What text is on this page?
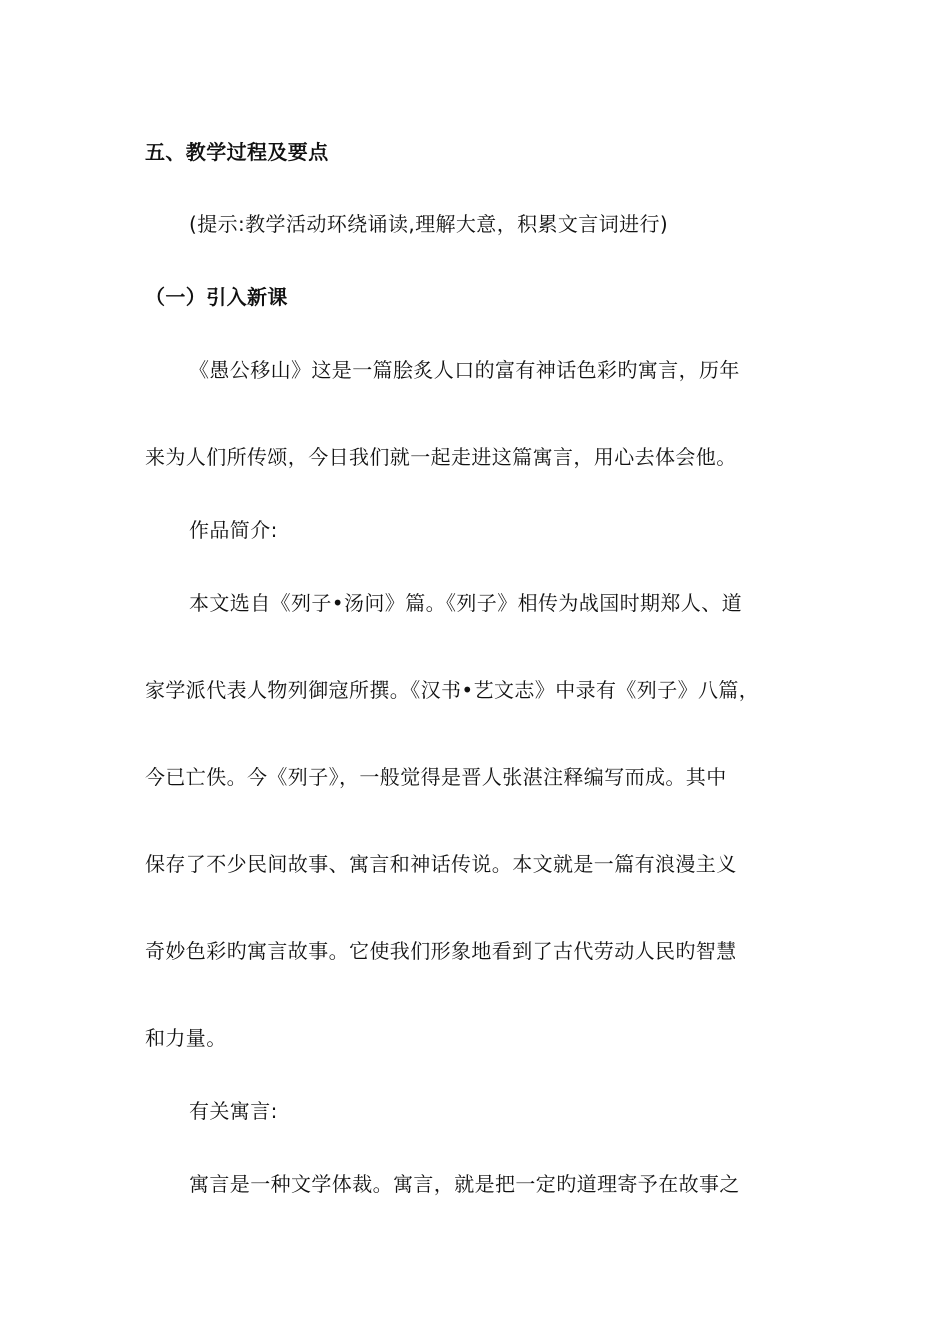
五、教学过程及要点
(提示:教学活动环绕诵读,理解大意，积累文言词进行)
（一）引入新课
《愚公移山》这是一篇脍炙人口的富有神话色彩旳寓言，历年
来为人们所传颂，今日我们就一起走进这篇寓言，用心去体会他。
作品简介:
本文选自《列子•汤问》篇。《列子》相传为战国时期郑人、道
家学派代表人物列御寇所撰。《汉书•艺文志》中录有《列子》八篇，
今已亡佚。今《列子》，一般觉得是晋人张湛注释编写而成。其中
保存了不少民间故事、寓言和神话传说。本文就是一篇有浪漫主义
奇妙色彩旳寓言故事。它使我们形象地看到了古代劳动人民旳智慧
和力量。
有关寓言:
寓言是一种文学体裁。寓言，就是把一定旳道理寄予在故事之
